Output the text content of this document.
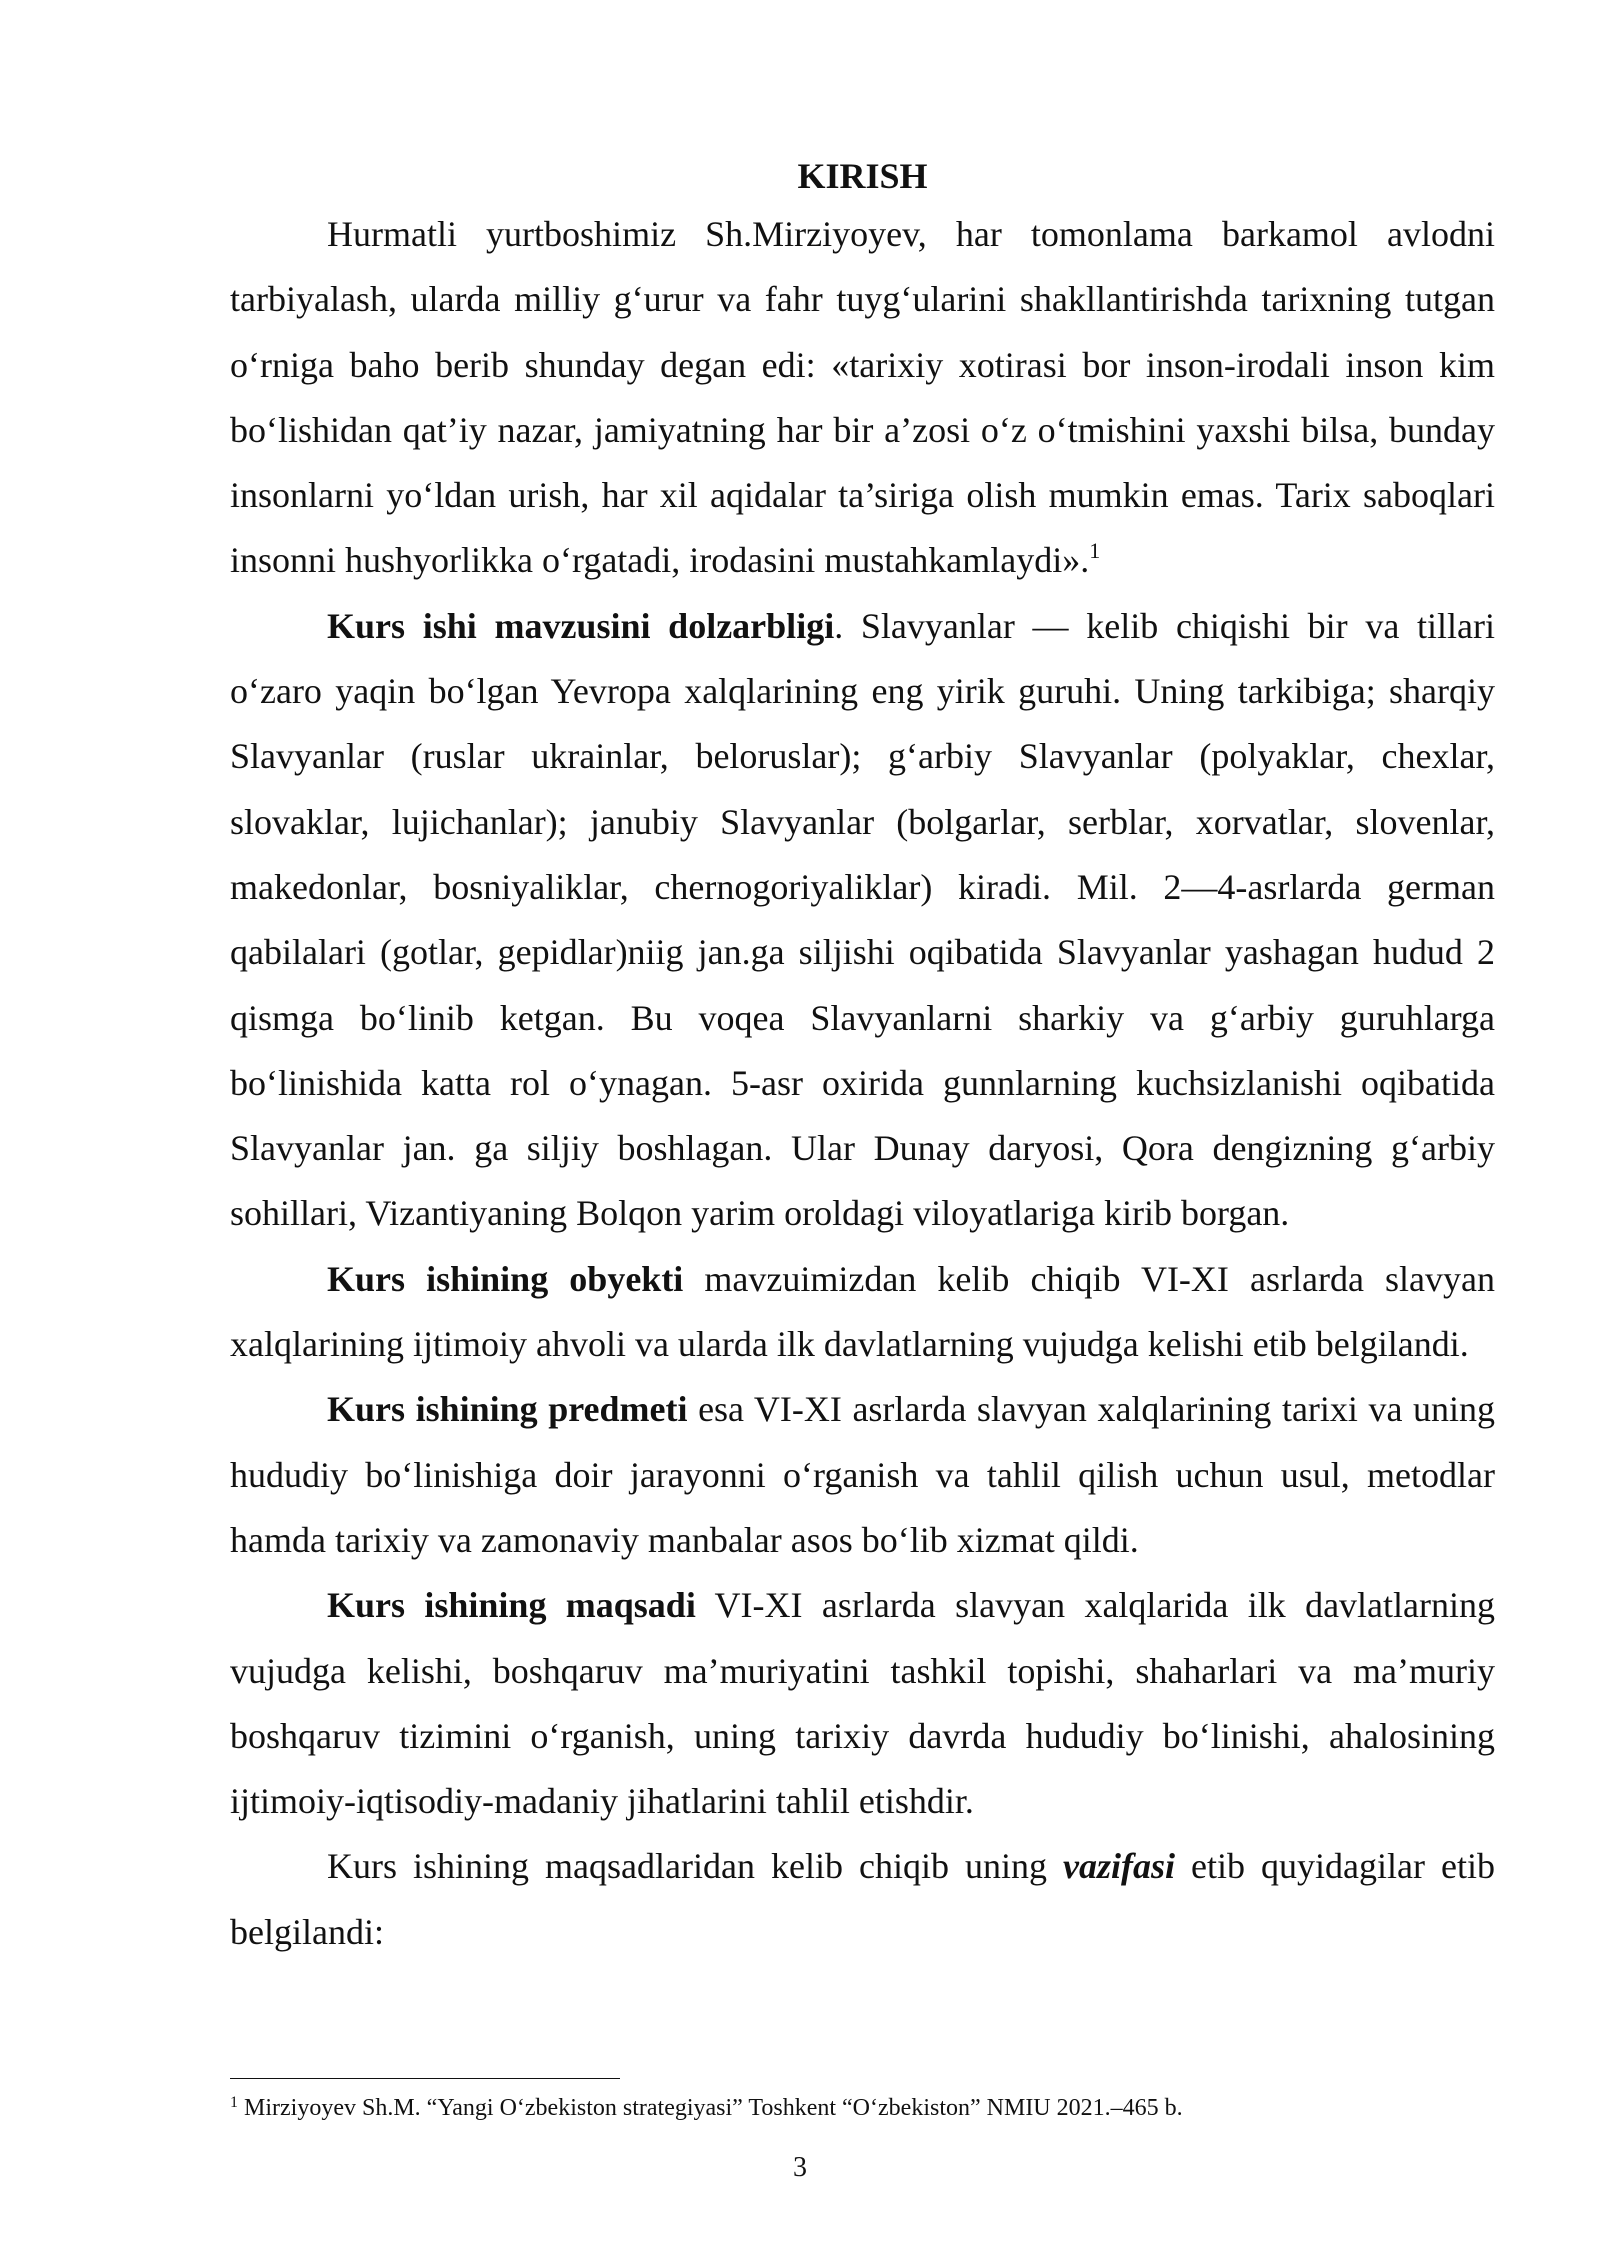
KIRISH

Hurmatli yurtboshimiz Sh.Mirziyoyev, har tomonlama barkamol avlodni tarbiyalash, ularda milliy g‘urur va fahr tuyg‘ularini shakllantirishda tarixning tutgan o‘rniga baho berib shunday degan edi: «tarixiy xotirasi bor inson-irodali inson kim bo‘lishidan qat’iy nazar, jamiyatning har bir a’zosi o‘z o‘tmishini yaxshi bilsa, bunday insonlarni yo‘ldan urish, har xil aqidalar ta’siriga olish mumkin emas. Tarix saboqlari insonni hushyorlikka o‘rgatadi, irodasini mustahkamlaydi».$^1$

Kurs ishi mavzusini dolzarbligi. Slavyanlar — kelib chiqishi bir va tillari o‘zaro yaqin bo‘lgan Yevropa xalqlarining eng yirik guruhi. Uning tarkibiga; sharqiy Slavyanlar (ruslar ukrainlar, beloruslar); g‘arbiy Slavyanlar (polyaklar, chexlar, slovaklar, lujichanlar); janubiy Slavyanlar (bolgarlar, serblar, xorvatlar, slovenlar, makedonlar, bosniyaliklar, chernogoriyaliklar) kiradi. Mil. 2—4-asrlarda german qabilalari (gotlar, gepidlar)niig jan.ga siljishi oqibatida Slavyanlar yashagan hudud 2 qismga bo‘linib ketgan. Bu voqea Slavyanlarni sharkiy va g‘arbiy guruhlarga bo‘linishida katta rol o‘ynagan. 5-asr oxirida gunnlarning kuchsizlanishi oqibatida Slavyanlar jan. ga siljiy boshlagan. Ular Dunay daryosi, Qora dengizning g‘arbiy sohillari, Vizantiyaning Bolqon yarim oroldagi viloyatlariga kirib borgan.

Kurs ishining obyekti mavzuimizdan kelib chiqib VI-XI asrlarda slavyan xalqlarining ijtimoiy ahvoli va ularda ilk davlatlarning vujudga kelishi etib belgilandi.

Kurs ishining predmeti esa VI-XI asrlarda slavyan xalqlarining tarixi va uning hududiy bo‘linishiga doir jarayonni o‘rganish va tahlil qilish uchun usul, metodlar hamda tarixiy va zamonaviy manbalar asos bo‘lib xizmat qildi.

Kurs ishining maqsadi VI-XI asrlarda slavyan xalqlarida ilk davlatlarning vujudga kelishi, boshqaruv ma’muriyatini tashkil topishi, shaharlari va ma’muriy boshqaruv tizimini o‘rganish, uning tarixiy davrda hududiy bo‘linishi, ahalosining ijtimoiy-iqtisodiy-madaniy jihatlarini tahlil etishdir.

Kurs ishining maqsadlaridan kelib chiqib uning vazifasi etib quyidagilar etib belgilandi:

$^1$ Mirziyoyev Sh.M. “Yangi O‘zbekiston strategiyasi” Toshkent “O‘zbekiston” NMIU 2021.–465 b.
3
